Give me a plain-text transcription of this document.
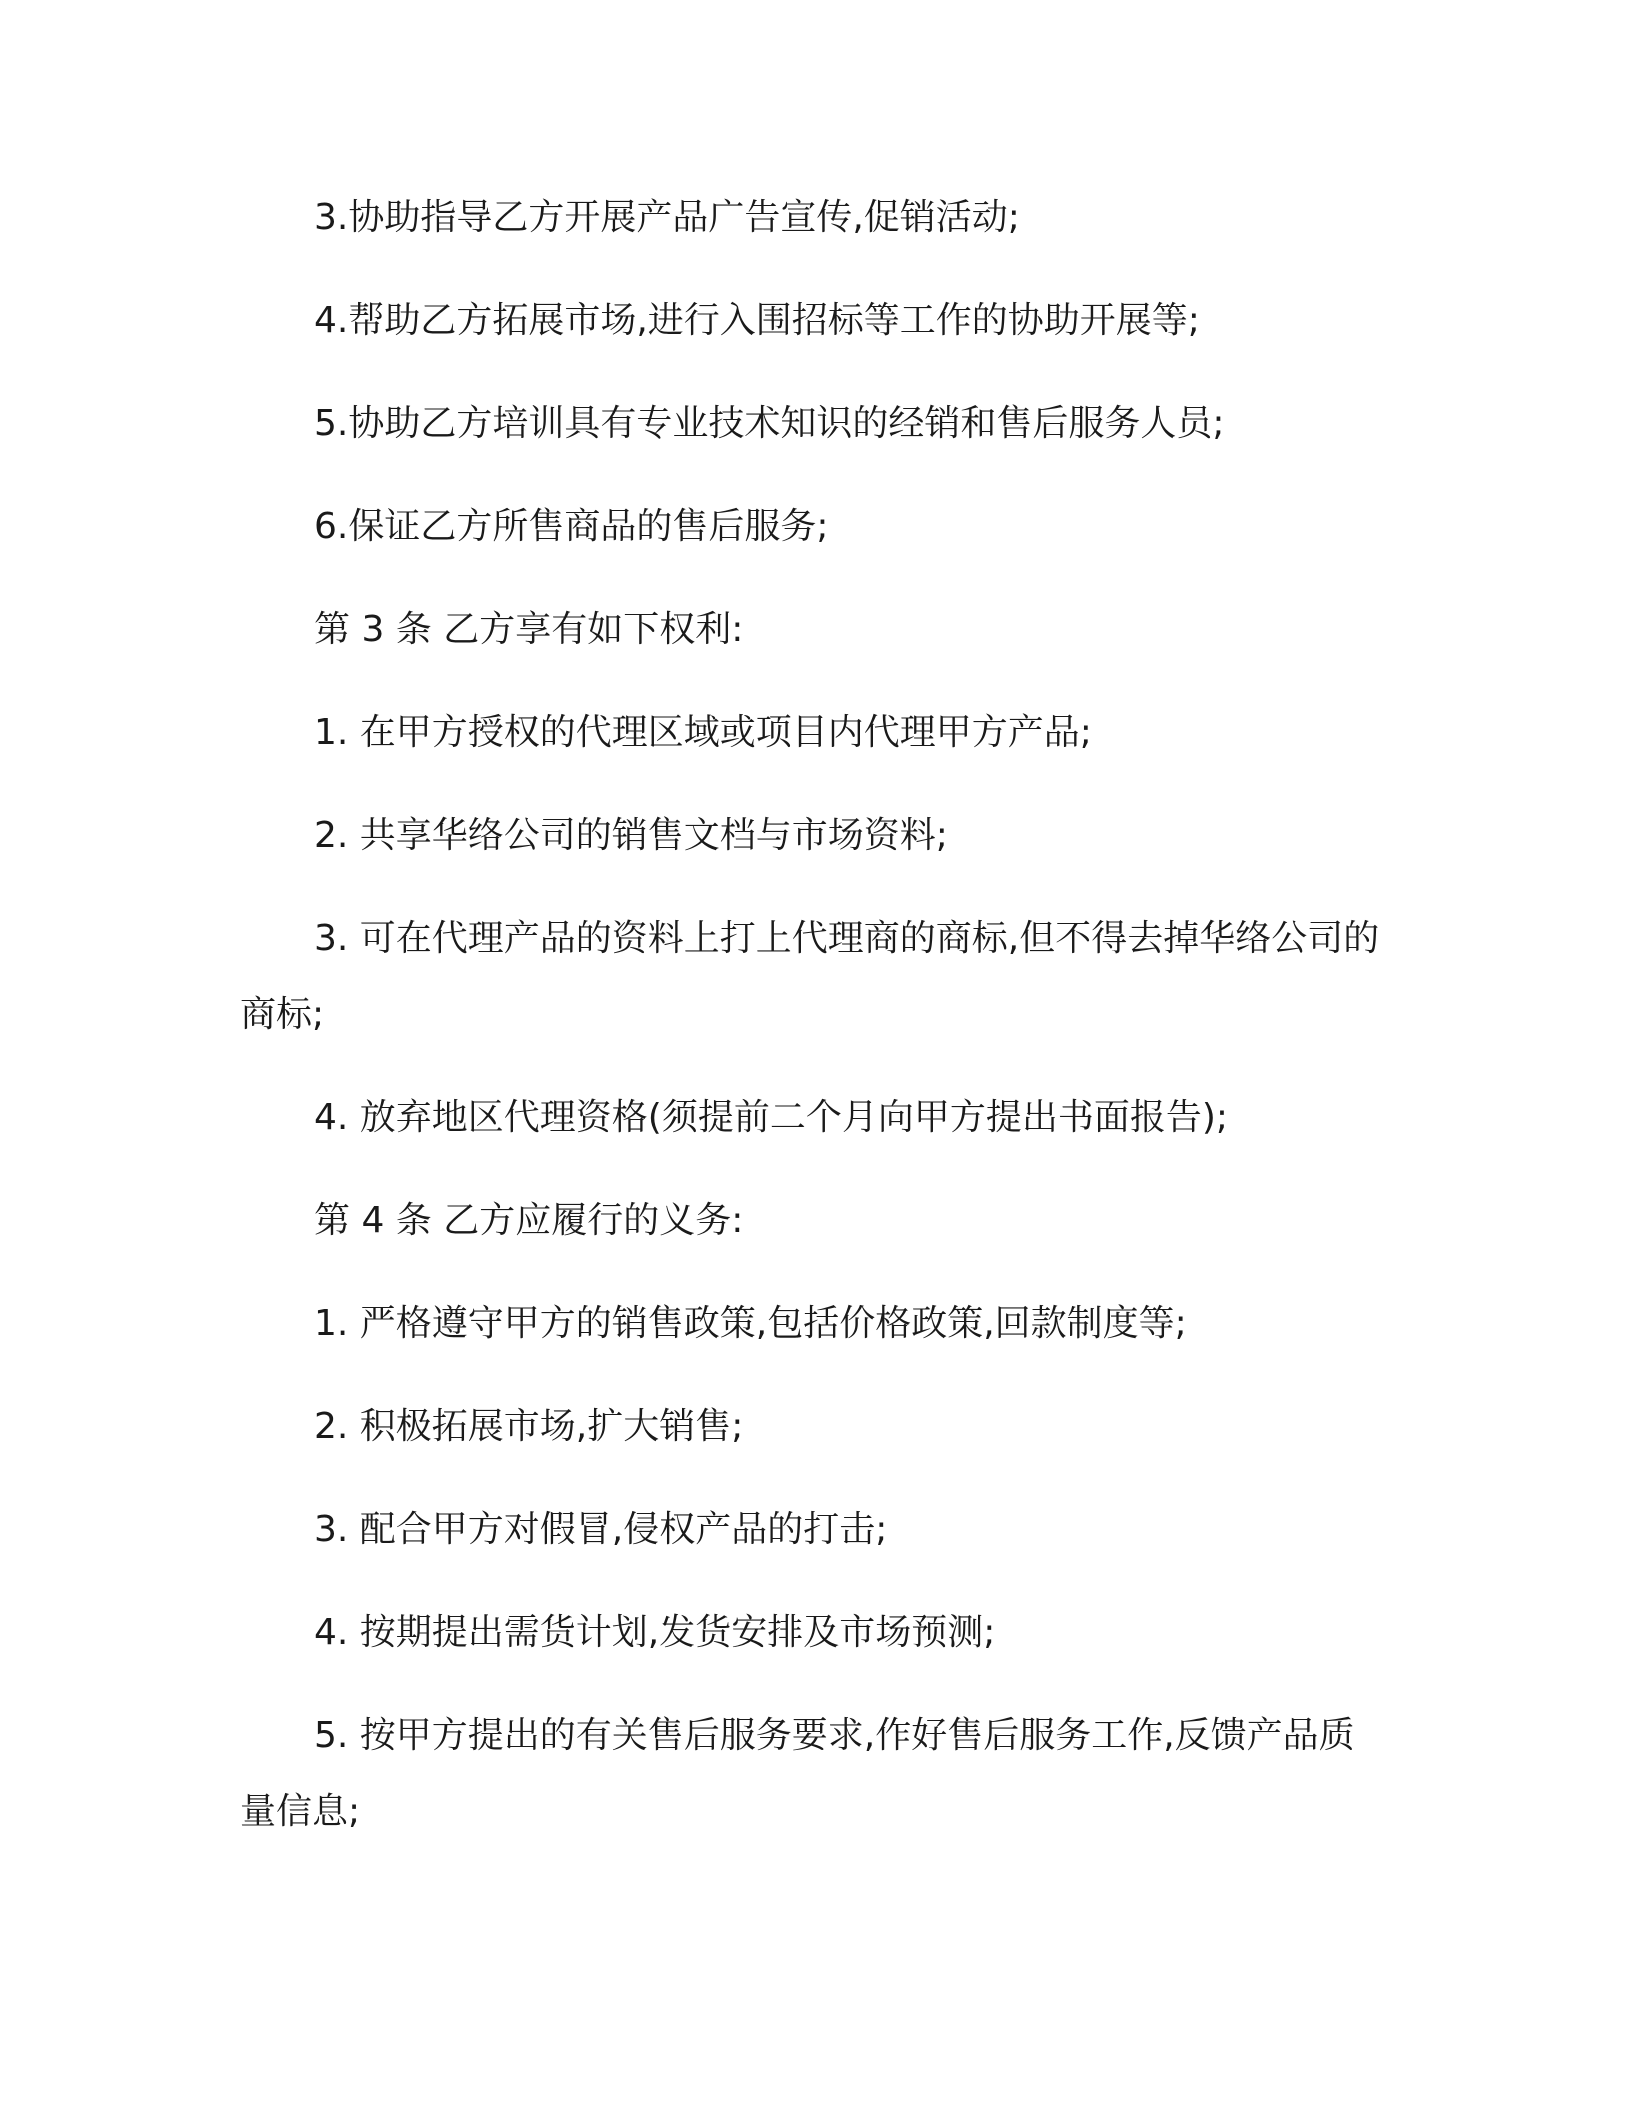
3.协助指导乙方开展产品广告宣传,促销活动;

4.帮助乙方拓展市场,进行入围招标等工作的协助开展等;

5.协助乙方培训具有专业技术知识的经销和售后服务人员;

6.保证乙方所售商品的售后服务;

第 3 条 乙方享有如下权利:

1. 在甲方授权的代理区域或项目内代理甲方产品;

2. 共享华络公司的销售文档与市场资料;

3. 可在代理产品的资料上打上代理商的商标,但不得去掉华络公司的商标;

4. 放弃地区代理资格(须提前二个月向甲方提出书面报告);

第 4 条 乙方应履行的义务:

1. 严格遵守甲方的销售政策,包括价格政策,回款制度等;

2. 积极拓展市场,扩大销售;

3. 配合甲方对假冒,侵权产品的打击;

4. 按期提出需货计划,发货安排及市场预测;

5. 按甲方提出的有关售后服务要求,作好售后服务工作,反馈产品质量信息;
